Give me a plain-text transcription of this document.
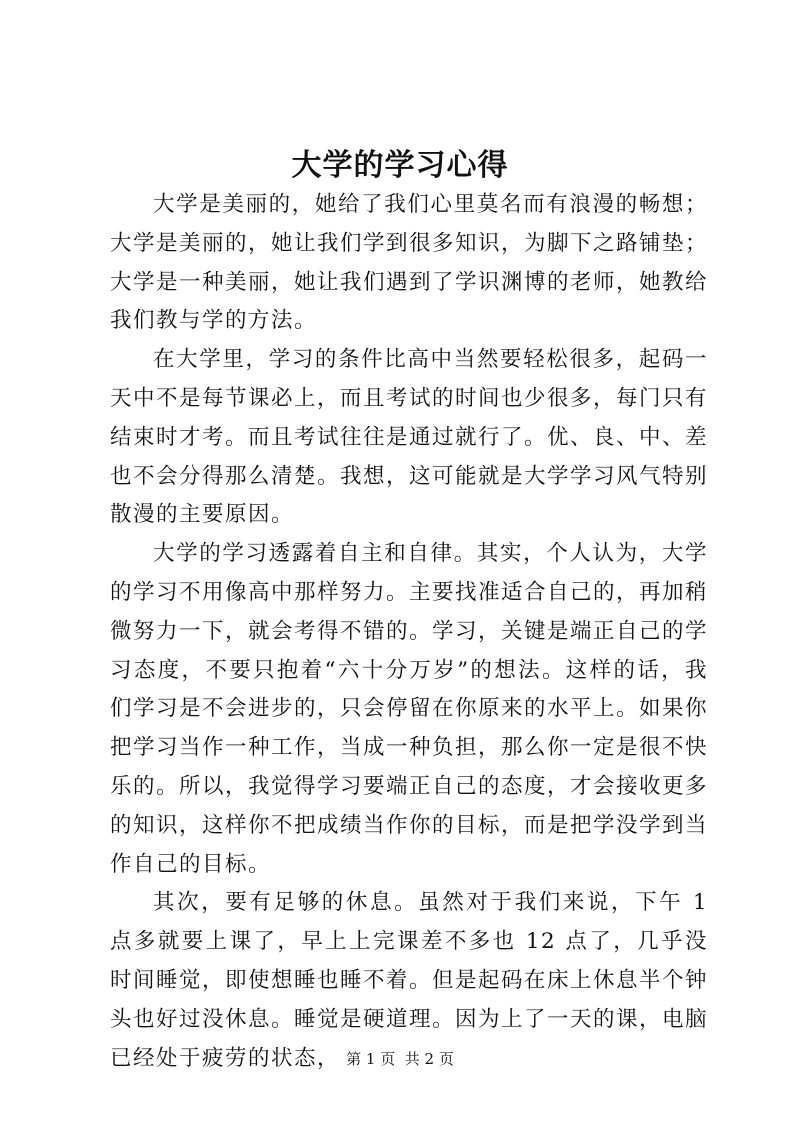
大学的学习心得

大学是美丽的，她给了我们心里莫名而有浪漫的畅想；大学是美丽的，她让我们学到很多知识，为脚下之路铺垫；大学是一种美丽，她让我们遇到了学识渊博的老师，她教给我们教与学的方法。

在大学里，学习的条件比高中当然要轻松很多，起码一天中不是每节课必上，而且考试的时间也少很多，每门只有结束时才考。而且考试往往是通过就行了。优、良、中、差也不会分得那么清楚。我想，这可能就是大学学习风气特别散漫的主要原因。

大学的学习透露着自主和自律。其实，个人认为，大学的学习不用像高中那样努力。主要找准适合自己的，再加稍微努力一下，就会考得不错的。学习，关键是端正自己的学习态度，不要只抱着“六十分万岁”的想法。这样的话，我们学习是不会进步的，只会停留在你原来的水平上。如果你把学习当作一种工作，当成一种负担，那么你一定是很不快乐的。所以，我觉得学习要端正自己的态度，才会接收更多的知识，这样你不把成绩当作你的目标，而是把学没学到当作自己的目标。

其次，要有足够的休息。虽然对于我们来说，下午 1 点多就要上课了，早上上完课差不多也 12 点了，几乎没时间睡觉，即使想睡也睡不着。但是起码在床上休息半个钟头也好过没休息。睡觉是硬道理。因为上了一天的课，电脑已经处于疲劳的状态， 第 1 页  共 2 页
